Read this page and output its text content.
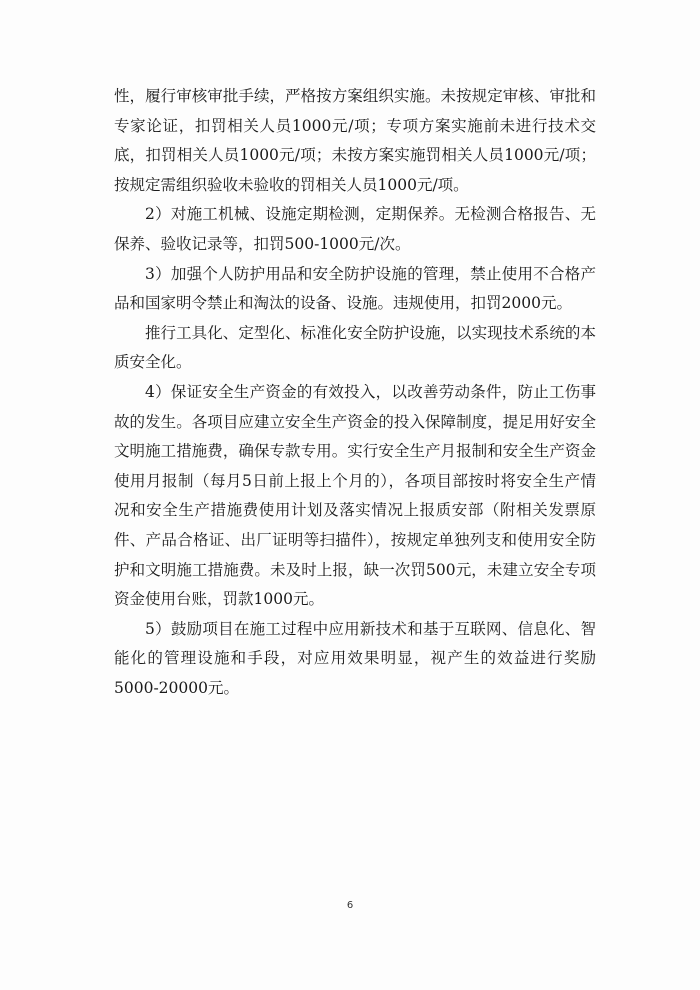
性，履行审核审批手续，严格按方案组织实施。未按规定审核、审批和专家论证，扣罚相关人员1000元/项；专项方案实施前未进行技术交底，扣罚相关人员1000元/项；未按方案实施罚相关人员1000元/项；按规定需组织验收未验收的罚相关人员1000元/项。

2）对施工机械、设施定期检测，定期保养。无检测合格报告、无保养、验收记录等，扣罚500-1000元/次。

3）加强个人防护用品和安全防护设施的管理，禁止使用不合格产品和国家明令禁止和淘汰的设备、设施。违规使用，扣罚2000元。

推行工具化、定型化、标准化安全防护设施，以实现技术系统的本质安全化。

4）保证安全生产资金的有效投入，以改善劳动条件，防止工伤事故的发生。各项目应建立安全生产资金的投入保障制度，提足用好安全文明施工措施费，确保专款专用。实行安全生产月报制和安全生产资金使用月报制（每月5日前上报上个月的），各项目部按时将安全生产情况和安全生产措施费使用计划及落实情况上报质安部（附相关发票原件、产品合格证、出厂证明等扫描件），按规定单独列支和使用安全防护和文明施工措施费。未及时上报，缺一次罚500元，未建立安全专项资金使用台账，罚款1000元。

5）鼓励项目在施工过程中应用新技术和基于互联网、信息化、智能化的管理设施和手段，对应用效果明显，视产生的效益进行奖励5000-20000元。

6
